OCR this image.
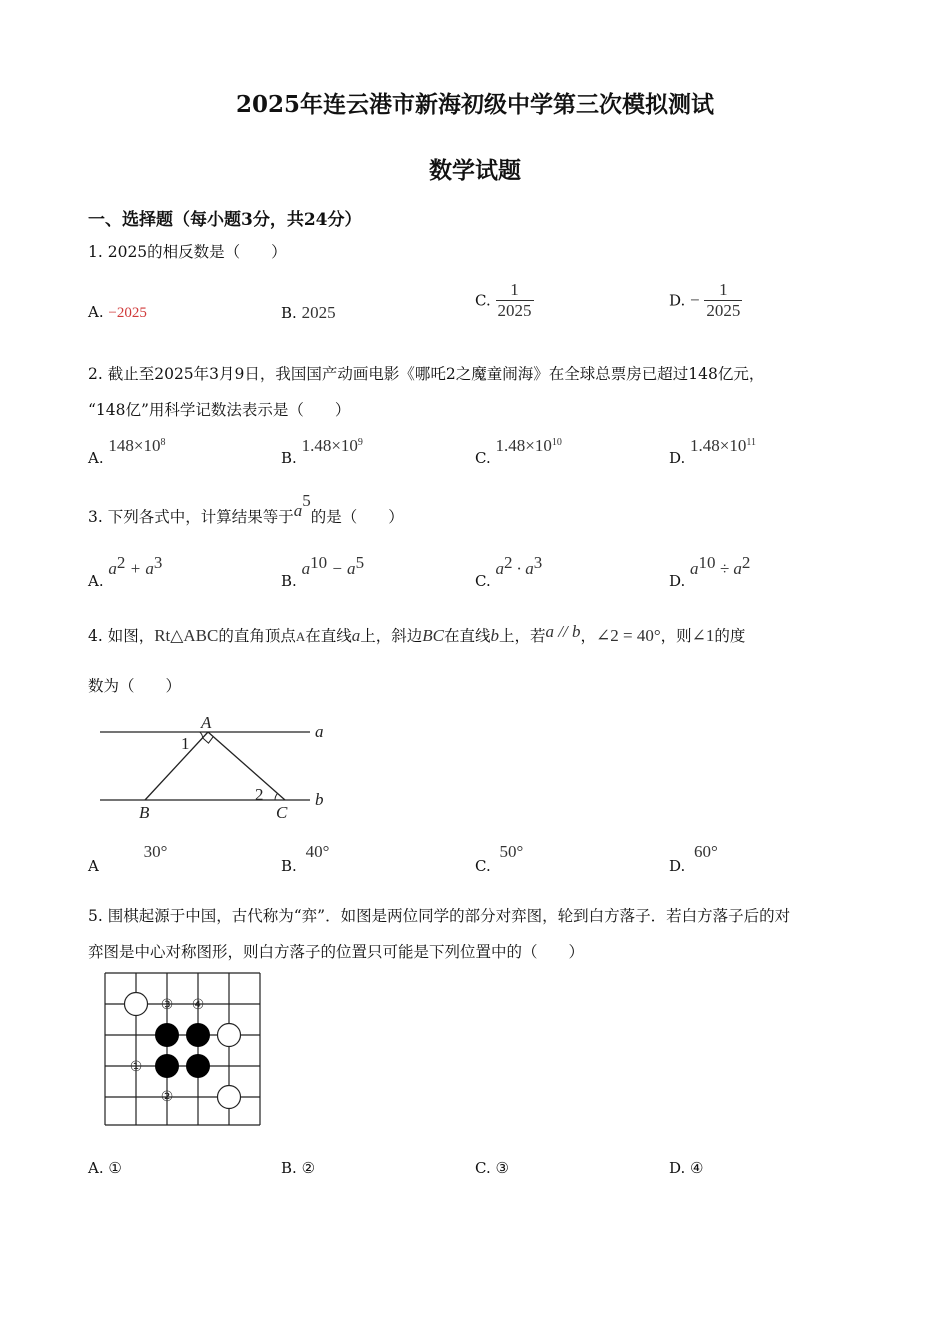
2025年连云港市新海初级中学第三次模拟测试
数学试题
一、选择题（每小题3分，共24分）
1. 2025的相反数是（　　）
A. −2025	B. 2025
C. $\frac{1}{2025}$	D. − $\frac{1}{2025}$
2. 截止至2025年3月9日，我国国产动画电影《哪吒2之魔童闹海》在全球总票房已超过148亿元，
“148亿”用科学记数法表示是（　　）
A. $148\times 10^8$
B. $1.48\times 10^9$
C. $1.48\times 10^{10}$
D. $1.48\times 10^{11}$
3. 下列各式中，计算结果等于$a^5$的是（　　）
A. $a^2 + a^3$
B. $a^{10} - a^5$
C. $a^2 \cdot a^3$
D. $a^{10} \div a^2$
4. 如图，Rt△ABC的直角顶点A在直线a上，斜边BC在直线b上，若a // b，∠2 = 40°，则∠1的度
数为（　　）
A
B	C
a
b
1
2
A 30°
B. 40°
C. 50°
D. 60°
5. 围棋起源于中国，古代称为“弈”．如图是两位同学的部分对弈图，轮到白方落子．若白方落子后的对
弈图是中心对称图形，则白方落子的位置只可能是下列位置中的（　　）
①
②
③ ④
A. ①	B. ②	C. ③	D. ④
